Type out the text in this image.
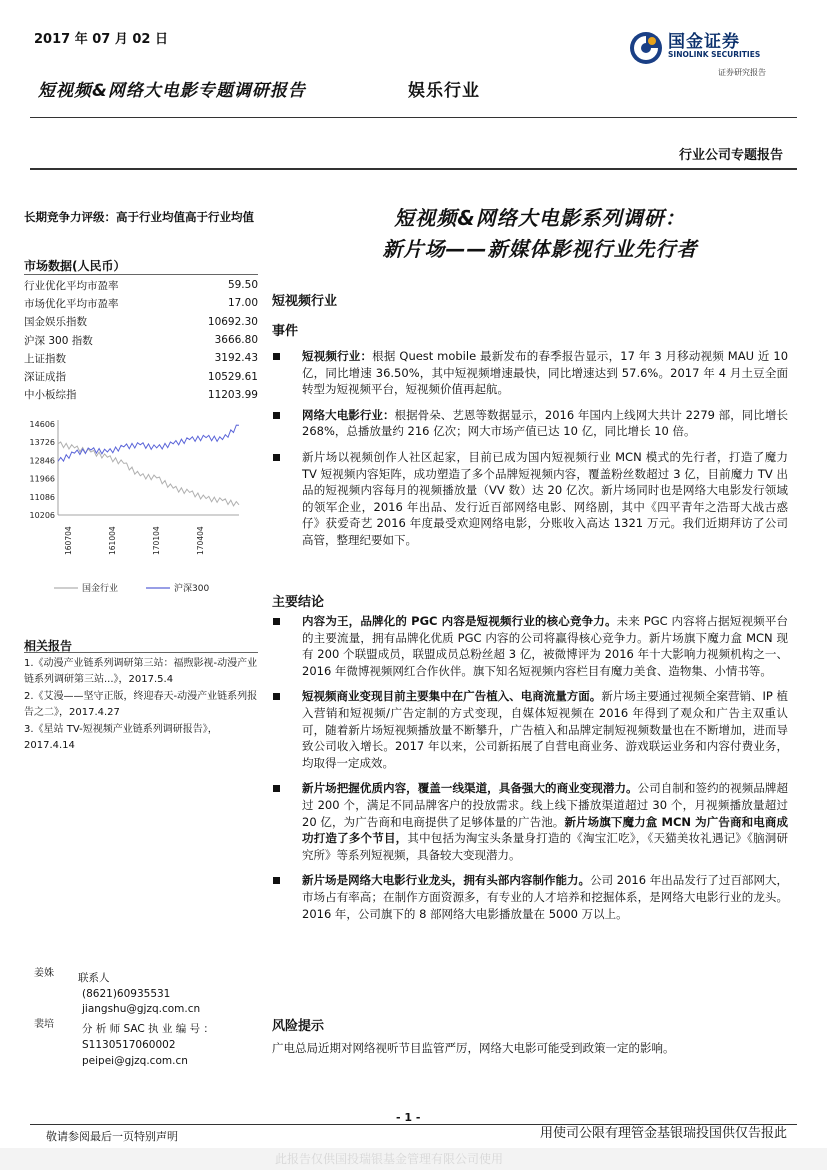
2017 年 07 月 02 日
短视频&网络大电影专题调研报告	娱乐行业
国金证券
SINOLINK SECURITIES
证券研究报告
行业公司专题报告
长期竞争力评级：高于行业均值高于行业均值
市场数据(人民币）
行业优化平均市盈率	59.50
市场优化平均市盈率	17.00
国金娱乐指数	10692.30
沪深 300 指数	3666.80
上证指数	3192.43
深证成指	10529.61
中小板综指	11203.99
14606
13726
12846
11966
11086
10206
160704	161004	170104	170404
国金行业	沪深300
相关报告

1.《动漫产业链系列调研第三站：福煦影视-动漫产业链系列调研第三站...》，2017.5.4

2.《艾漫——坚守正版，终迎春天-动漫产业链系列报告之二》，2017.4.27

3.《星站 TV-短视频产业链系列调研报告》，2017.4.14

姜姝
裴培
联系人
(8621)60935531
jiangshu@gjzq.com.cn
分 析 师 SAC 执 业 编 号 ：
S1130517060002
peipei@gjzq.com.cn
短视频&网络大电影系列调研：
新片场——新媒体影视行业先行者
短视频行业
事件
短视频行业：根据 Quest mobile 最新发布的春季报告显示，17 年 3 月移动视频 MAU 近 10 亿，同比增速 36.50%，其中短视频增速最快，同比增速达到 57.6%。2017 年 4 月土豆全面转型为短视频平台，短视频价值再起航。
网络大电影行业：根据骨朵、艺恩等数据显示，2016 年国内上线网大共计 2279 部，同比增长 268%，总播放量约 216 亿次；网大市场产值已达 10 亿，同比增长 10 倍。
新片场以视频创作人社区起家，目前已成为国内短视频行业 MCN 模式的先行者，打造了魔力 TV 短视频内容矩阵，成功塑造了多个品牌短视频内容，覆盖粉丝数超过 3 亿，目前魔力 TV 出品的短视频内容每月的视频播放量（VV 数）达 20 亿次。新片场同时也是网络大电影发行领域的领军企业，2016 年出品、发行近百部网络电影、网络剧，其中《四平青年之浩哥大战古惑仔》获爱奇艺 2016 年度最受欢迎网络电影，分账收入高达 1321 万元。我们近期拜访了公司高管，整理纪要如下。
主要结论
内容为王，品牌化的 PGC 内容是短视频行业的核心竞争力。未来 PGC 内容将占据短视频平台的主要流量，拥有品牌化优质 PGC 内容的公司将赢得核心竞争力。新片场旗下魔力盒 MCN 现有 200 个联盟成员，联盟成员总粉丝超 3 亿，被微博评为 2016 年十大影响力视频机构之一、2016 年微博视频网红合作伙伴。旗下知名短视频内容栏目有魔力美食、造物集、小情书等。
短视频商业变现目前主要集中在广告植入、电商流量方面。新片场主要通过视频全案营销、IP 植入营销和短视频/广告定制的方式变现，自媒体短视频在 2016 年得到了观众和广告主双重认可，随着新片场短视频播放量不断攀升，广告植入和品牌定制短视频数量也在不断增加，进而导致公司收入增长。2017 年以来，公司新拓展了自营电商业务、游戏联运业务和内容付费业务，均取得一定成效。
新片场把握优质内容，覆盖一线渠道，具备强大的商业变现潜力。公司自制和签约的视频品牌超过 200 个，满足不同品牌客户的投放需求。线上线下播放渠道超过 30 个，月视频播放量超过 20 亿，为广告商和电商提供了足够体量的广告池。新片场旗下魔力盒 MCN 为广告商和电商成功打造了多个节目，其中包括为淘宝头条量身打造的《淘宝汇吃》，《天猫美妆礼遇记》《脑洞研究所》等系列短视频，具备较大变现潜力。
新片场是网络大电影行业龙头，拥有头部内容制作能力。公司 2016 年出品发行了过百部网大，市场占有率高；在制作方面资源多，有专业的人才培养和挖掘体系，是网络大电影行业的龙头。2016 年，公司旗下的 8 部网络大电影播放量在 5000 万以上。
风险提示
广电总局近期对网络视听节目监管严厉，网络大电影可能受到政策一定的影响。
- 1 -
敬请参阅最后一页特别声明	用使司公限有理管金基银瑞投国供仅告报此
此报告仅供国投瑞银基金管理有限公司使用
